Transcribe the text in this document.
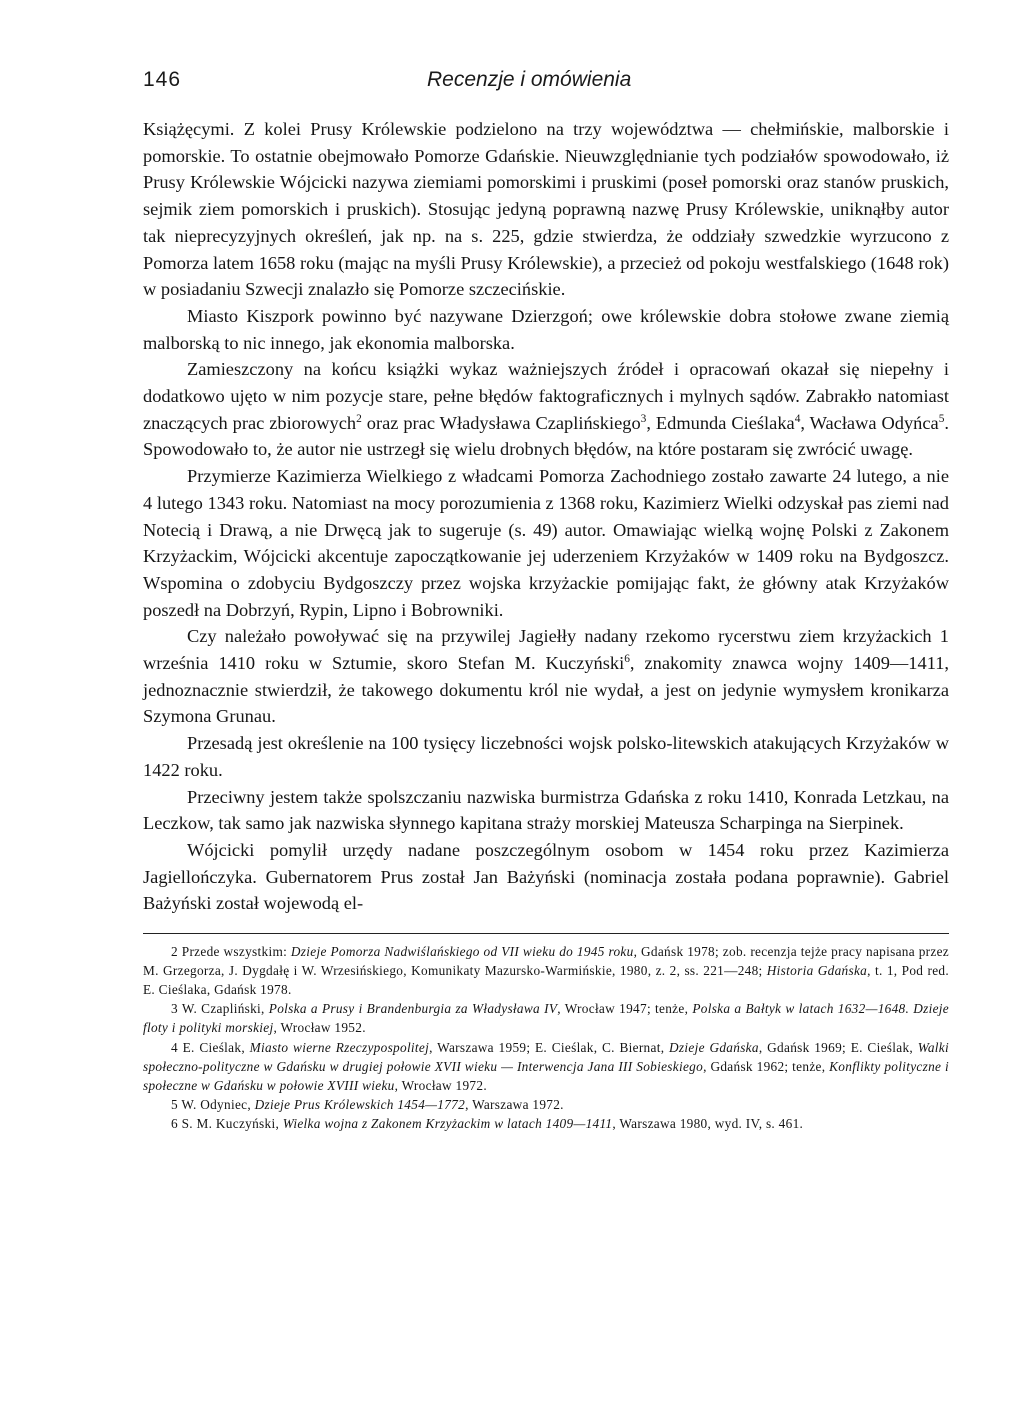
146	Recenzje i omówienia

Książęcymi. Z kolei Prusy Królewskie podzielono na trzy województwa — chełmińskie, malborskie i pomorskie. To ostatnie obejmowało Pomorze Gdańskie. Nieuwzględnianie tych podziałów spowodowało, iż Prusy Królewskie Wójcicki nazywa ziemiami pomorskimi i pruskimi (poseł pomorski oraz stanów pruskich, sejmik ziem pomorskich i pruskich). Stosując jedyną poprawną nazwę Prusy Królewskie, uniknąłby autor tak nieprecyzyjnych określeń, jak np. na s. 225, gdzie stwierdza, że oddziały szwedzkie wyrzucono z Pomorza latem 1658 roku (mając na myśli Prusy Królewskie), a przecież od pokoju westfalskiego (1648 rok) w posiadaniu Szwecji znalazło się Pomorze szczecińskie.

Miasto Kiszpork powinno być nazywane Dzierzgoń; owe królewskie dobra stołowe zwane ziemią malborską to nic innego, jak ekonomia malborska.

Zamieszczony na końcu książki wykaz ważniejszych źródeł i opracowań okazał się niepełny i dodatkowo ujęto w nim pozycje stare, pełne błędów faktograficznych i mylnych sądów. Zabrakło natomiast znaczących prac zbiorowych$^2$ oraz prac Władysława Czaplińskiego$^3$, Edmunda Cieślaka$^4$, Wacława Odyńca$^5$. Spowodowało to, że autor nie ustrzegł się wielu drobnych błędów, na które postaram się zwrócić uwagę.

Przymierze Kazimierza Wielkiego z władcami Pomorza Zachodniego zostało zawarte 24 lutego, a nie 4 lutego 1343 roku. Natomiast na mocy porozumienia z 1368 roku, Kazimierz Wielki odzyskał pas ziemi nad Notecią i Drawą, a nie Drwęcą jak to sugeruje (s. 49) autor. Omawiając wielką wojnę Polski z Zakonem Krzyżackim, Wójcicki akcentuje zapoczątkowanie jej uderzeniem Krzyżaków w 1409 roku na Bydgoszcz. Wspomina o zdobyciu Bydgoszczy przez wojska krzyżackie pomijając fakt, że główny atak Krzyżaków poszedł na Dobrzyń, Rypin, Lipno i Bobrowniki.

Czy należało powoływać się na przywilej Jagiełły nadany rzekomo rycerstwu ziem krzyżackich 1 września 1410 roku w Sztumie, skoro Stefan M. Kuczyński$^6$, znakomity znawca wojny 1409—1411, jednoznacznie stwierdził, że takowego dokumentu król nie wydał, a jest on jedynie wymysłem kronikarza Szymona Grunau.

Przesadą jest określenie na 100 tysięcy liczebności wojsk polsko-litewskich atakujących Krzyżaków w 1422 roku.

Przeciwny jestem także spolszczaniu nazwiska burmistrza Gdańska z roku 1410, Konrada Letzkau, na Leczkow, tak samo jak nazwiska słynnego kapitana straży morskiej Mateusza Scharpinga na Sierpinek.

Wójcicki pomylił urzędy nadane poszczególnym osobom w 1454 roku przez Kazimierza Jagiellończyka. Gubernatorem Prus został Jan Bażyński (nominacja została podana poprawnie). Gabriel Bażyński został wojewodą el-

2 Przede wszystkim: Dzieje Pomorza Nadwiślańskiego od VII wieku do 1945 roku, Gdańsk 1978; zob. recenzja tejże pracy napisana przez M. Grzegorza, J. Dygdałę i W. Wrzesińskiego, Komunikaty Mazursko-Warmińskie, 1980, z. 2, ss. 221—248; Historia Gdańska, t. 1, Pod red. E. Cieślaka, Gdańsk 1978.

3 W. Czapliński, Polska a Prusy i Brandenburgia za Władysława IV, Wrocław 1947; tenże, Polska a Bałtyk w latach 1632—1648. Dzieje floty i polityki morskiej, Wrocław 1952.

4 E. Cieślak, Miasto wierne Rzeczypospolitej, Warszawa 1959; E. Cieślak, C. Biernat, Dzieje Gdańska, Gdańsk 1969; E. Cieślak, Walki społeczno-polityczne w Gdańsku w drugiej połowie XVII wieku — Interwencja Jana III Sobieskiego, Gdańsk 1962; tenże, Konflikty polityczne i społeczne w Gdańsku w połowie XVIII wieku, Wrocław 1972.

5 W. Odyniec, Dzieje Prus Królewskich 1454—1772, Warszawa 1972.

6 S. M. Kuczyński, Wielka wojna z Zakonem Krzyżackim w latach 1409—1411, Warszawa 1980, wyd. IV, s. 461.
